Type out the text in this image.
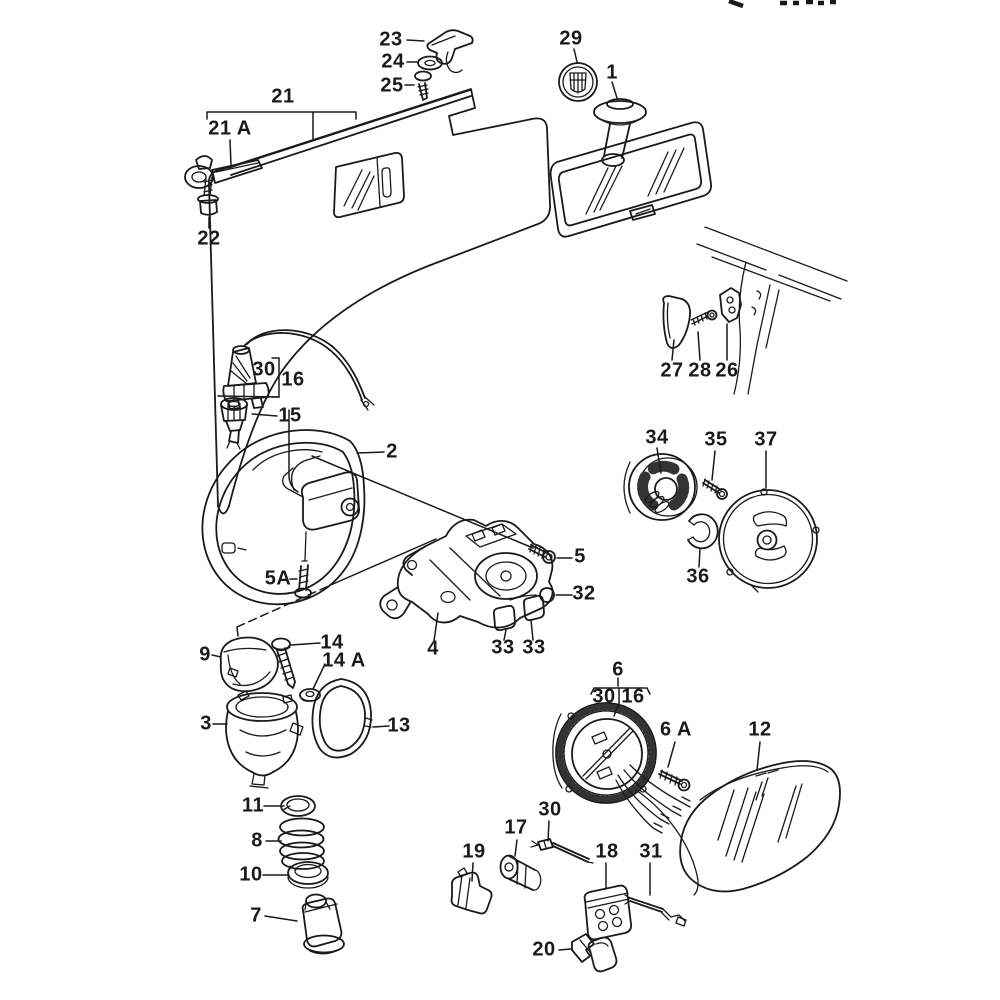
23
24
25
29
1
21
21 A
22
27 28 26
30 16
15
2
5A
5
32
4	33 33
34 35 37
36
9
14
14 A
3	13
11
8
10
7
6
30 16
6 A	12
30
17
19	18 31
20
